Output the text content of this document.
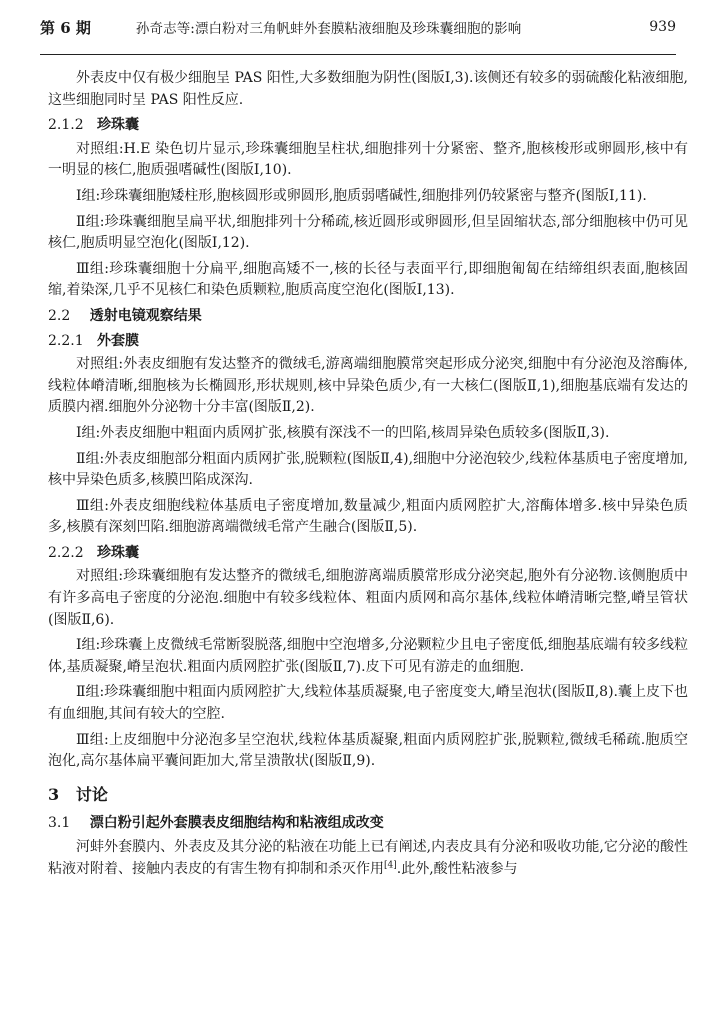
第 6 期	孙奇志等:漂白粉对三角帆蚌外套膜粘液细胞及珍珠囊细胞的影响	939

外表皮中仅有极少细胞呈 PAS 阳性,大多数细胞为阴性(图版Ⅰ,3).该侧还有较多的弱硫酸化粘液细胞,这些细胞同时呈 PAS 阳性反应.

2.1.2 珍珠囊

对照组:H.E 染色切片显示,珍珠囊细胞呈柱状,细胞排列十分紧密、整齐,胞核梭形或卵圆形,核中有一明显的核仁,胞质强嗜碱性(图版Ⅰ,10).

Ⅰ组:珍珠囊细胞矮柱形,胞核圆形或卵圆形,胞质弱嗜碱性,细胞排列仍较紧密与整齐(图版Ⅰ,11).

Ⅱ组:珍珠囊细胞呈扁平状,细胞排列十分稀疏,核近圆形或卵圆形,但呈固缩状态,部分细胞核中仍可见核仁,胞质明显空泡化(图版Ⅰ,12).

Ⅲ组:珍珠囊细胞十分扁平,细胞高矮不一,核的长径与表面平行,即细胞匍匐在结缔组织表面,胞核固缩,着染深,几乎不见核仁和染色质颗粒,胞质高度空泡化(图版Ⅰ,13).

2.2 透射电镜观察结果
2.2.1 外套膜

对照组:外表皮细胞有发达整齐的微绒毛,游离端细胞膜常突起形成分泌突,细胞中有分泌泡及溶酶体,线粒体嵴清晰,细胞核为长椭圆形,形状规则,核中异染色质少,有一大核仁(图版Ⅱ,1),细胞基底端有发达的质膜内褶.细胞外分泌物十分丰富(图版Ⅱ,2).

Ⅰ组:外表皮细胞中粗面内质网扩张,核膜有深浅不一的凹陷,核周异染色质较多(图版Ⅱ,3).

Ⅱ组:外表皮细胞部分粗面内质网扩张,脱颗粒(图版Ⅱ,4),细胞中分泌泡较少,线粒体基质电子密度增加,核中异染色质多,核膜凹陷成深沟.

Ⅲ组:外表皮细胞线粒体基质电子密度增加,数量减少,粗面内质网腔扩大,溶酶体增多.核中异染色质多,核膜有深刻凹陷.细胞游离端微绒毛常产生融合(图版Ⅱ,5).

2.2.2 珍珠囊

对照组:珍珠囊细胞有发达整齐的微绒毛,细胞游离端质膜常形成分泌突起,胞外有分泌物.该侧胞质中有许多高电子密度的分泌泡.细胞中有较多线粒体、粗面内质网和高尔基体,线粒体嵴清晰完整,嵴呈管状(图版Ⅱ,6).

Ⅰ组:珍珠囊上皮微绒毛常断裂脱落,细胞中空泡增多,分泌颗粒少且电子密度低,细胞基底端有较多线粒体,基质凝聚,嵴呈泡状.粗面内质网腔扩张(图版Ⅱ,7).皮下可见有游走的血细胞.

Ⅱ组:珍珠囊细胞中粗面内质网腔扩大,线粒体基质凝聚,电子密度变大,嵴呈泡状(图版Ⅱ,8).囊上皮下也有血细胞,其间有较大的空腔.

Ⅲ组:上皮细胞中分泌泡多呈空泡状,线粒体基质凝聚,粗面内质网腔扩张,脱颗粒,微绒毛稀疏.胞质空泡化,高尔基体扁平囊间距加大,常呈溃散状(图版Ⅱ,9).

3 讨论
3.1 漂白粉引起外套膜表皮细胞结构和粘液组成改变

河蚌外套膜内、外表皮及其分泌的粘液在功能上已有阐述,内表皮具有分泌和吸收功能,它分泌的酸性粘液对附着、接触内表皮的有害生物有抑制和杀灭作用[4].此外,酸性粘液参与
